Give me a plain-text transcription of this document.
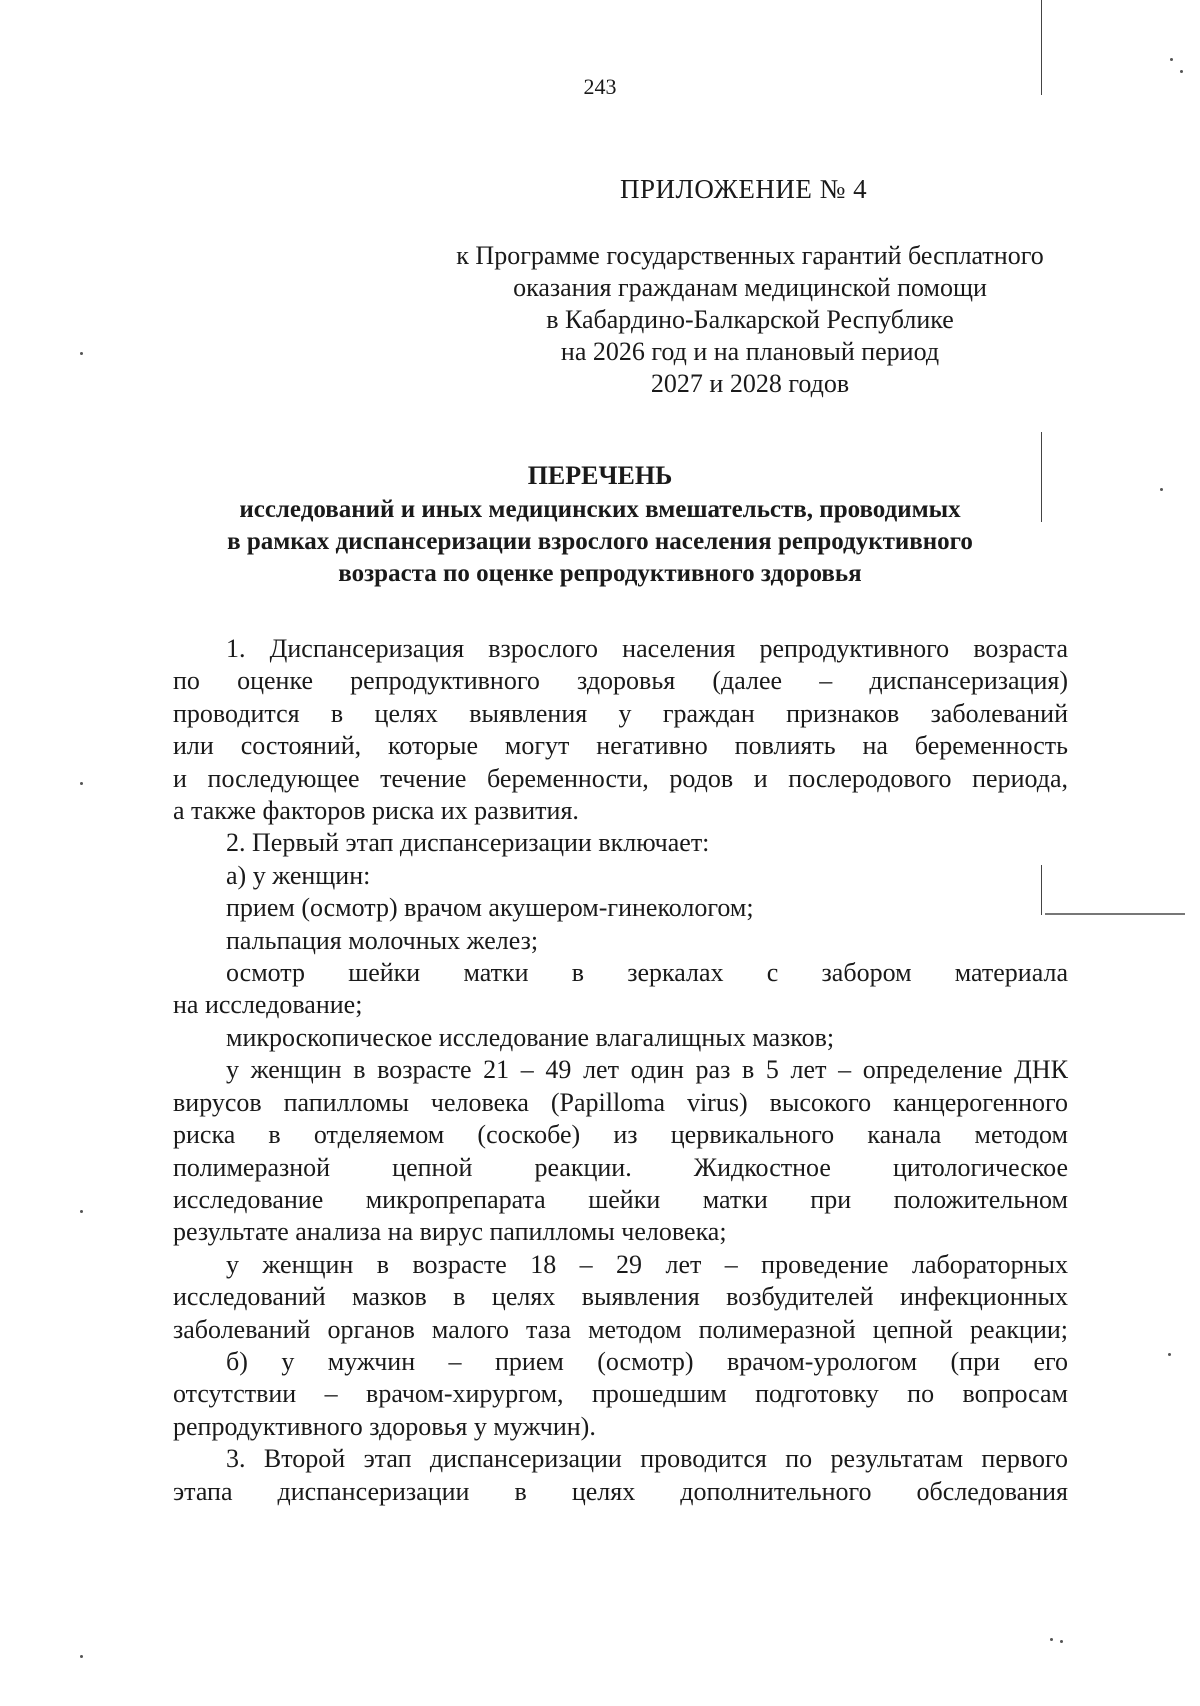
243
ПРИЛОЖЕНИЕ № 4
к Программе государственных гарантий бесплатного
оказания гражданам медицинской помощи
в Кабардино-Балкарской Республике
на 2026 год и на плановый период
2027 и 2028 годов
ПЕРЕЧЕНЬ
исследований и иных медицинских вмешательств, проводимых
в рамках диспансеризации взрослого населения репродуктивного
возраста по оценке репродуктивного здоровья
1. Диспансеризация взрослого населения репродуктивного возраста
по оценке репродуктивного здоровья (далее – диспансеризация)
проводится в целях выявления у граждан признаков заболеваний
или состояний, которые могут негативно повлиять на беременность
и последующее течение беременности, родов и послеродового периода,
а также факторов риска их развития.
2. Первый этап диспансеризации включает:
а) у женщин:
прием (осмотр) врачом акушером-гинекологом;
пальпация молочных желез;
осмотр шейки матки в зеркалах с забором материала
на исследование;
микроскопическое исследование влагалищных мазков;
у женщин в возрасте 21 – 49 лет один раз в 5 лет – определение ДНК
вирусов папилломы человека (Papilloma virus) высокого канцерогенного
риска в отделяемом (соскобе) из цервикального канала методом
полимеразной цепной реакции. Жидкостное цитологическое
исследование микропрепарата шейки матки при положительном
результате анализа на вирус папилломы человека;
у женщин в возрасте 18 – 29 лет – проведение лабораторных
исследований мазков в целях выявления возбудителей инфекционных
заболеваний органов малого таза методом полимеразной цепной реакции;
б) у мужчин – прием (осмотр) врачом-урологом (при его
отсутствии – врачом-хирургом, прошедшим подготовку по вопросам
репродуктивного здоровья у мужчин).
3. Второй этап диспансеризации проводится по результатам первого
этапа диспансеризации в целях дополнительного обследования
